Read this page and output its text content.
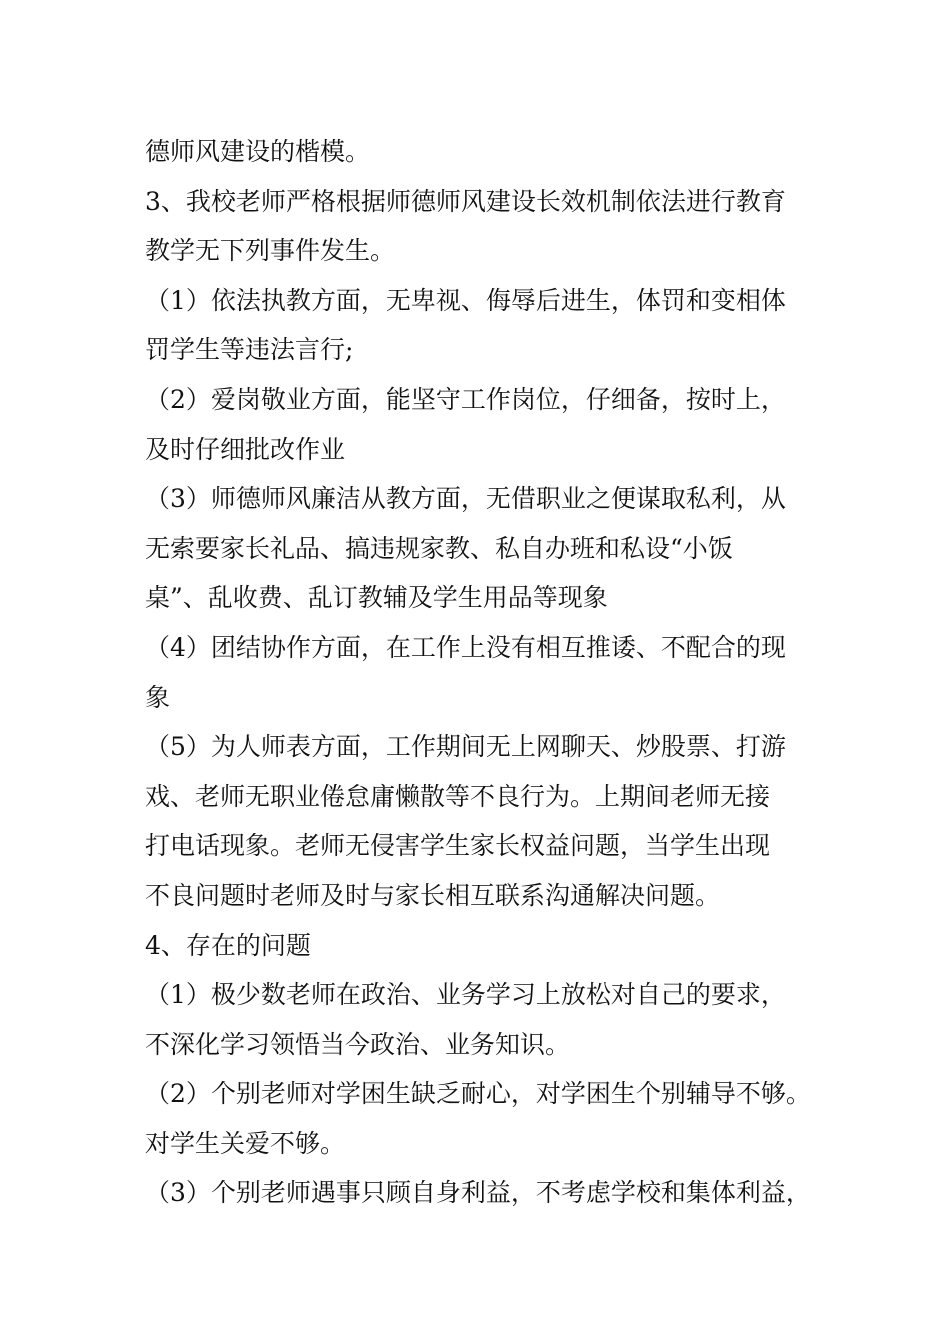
德师风建设的楷模。
3、我校老师严格根据师德师风建设长效机制依法进行教育
教学无下列事件发生。
（1）依法执教方面，无卑视、侮辱后进生，体罚和变相体
罚学生等违法言行;
（2）爱岗敬业方面，能坚守工作岗位，仔细备，按时上，
及时仔细批改作业
（3）师德师风廉洁从教方面，无借职业之便谋取私利，从
无索要家长礼品、搞违规家教、私自办班和私设“小饭
桌”、乱收费、乱订教辅及学生用品等现象
（4）团结协作方面，在工作上没有相互推诿、不配合的现
象
（5）为人师表方面，工作期间无上网聊天、炒股票、打游
戏、老师无职业倦怠庸懒散等不良行为。上期间老师无接
打电话现象。老师无侵害学生家长权益问题，当学生出现
不良问题时老师及时与家长相互联系沟通解决问题。
4、存在的问题
（1）极少数老师在政治、业务学习上放松对自己的要求，
不深化学习领悟当今政治、业务知识。
（2）个别老师对学困生缺乏耐心，对学困生个别辅导不够。
对学生关爱不够。
（3）个别老师遇事只顾自身利益，不考虑学校和集体利益，
